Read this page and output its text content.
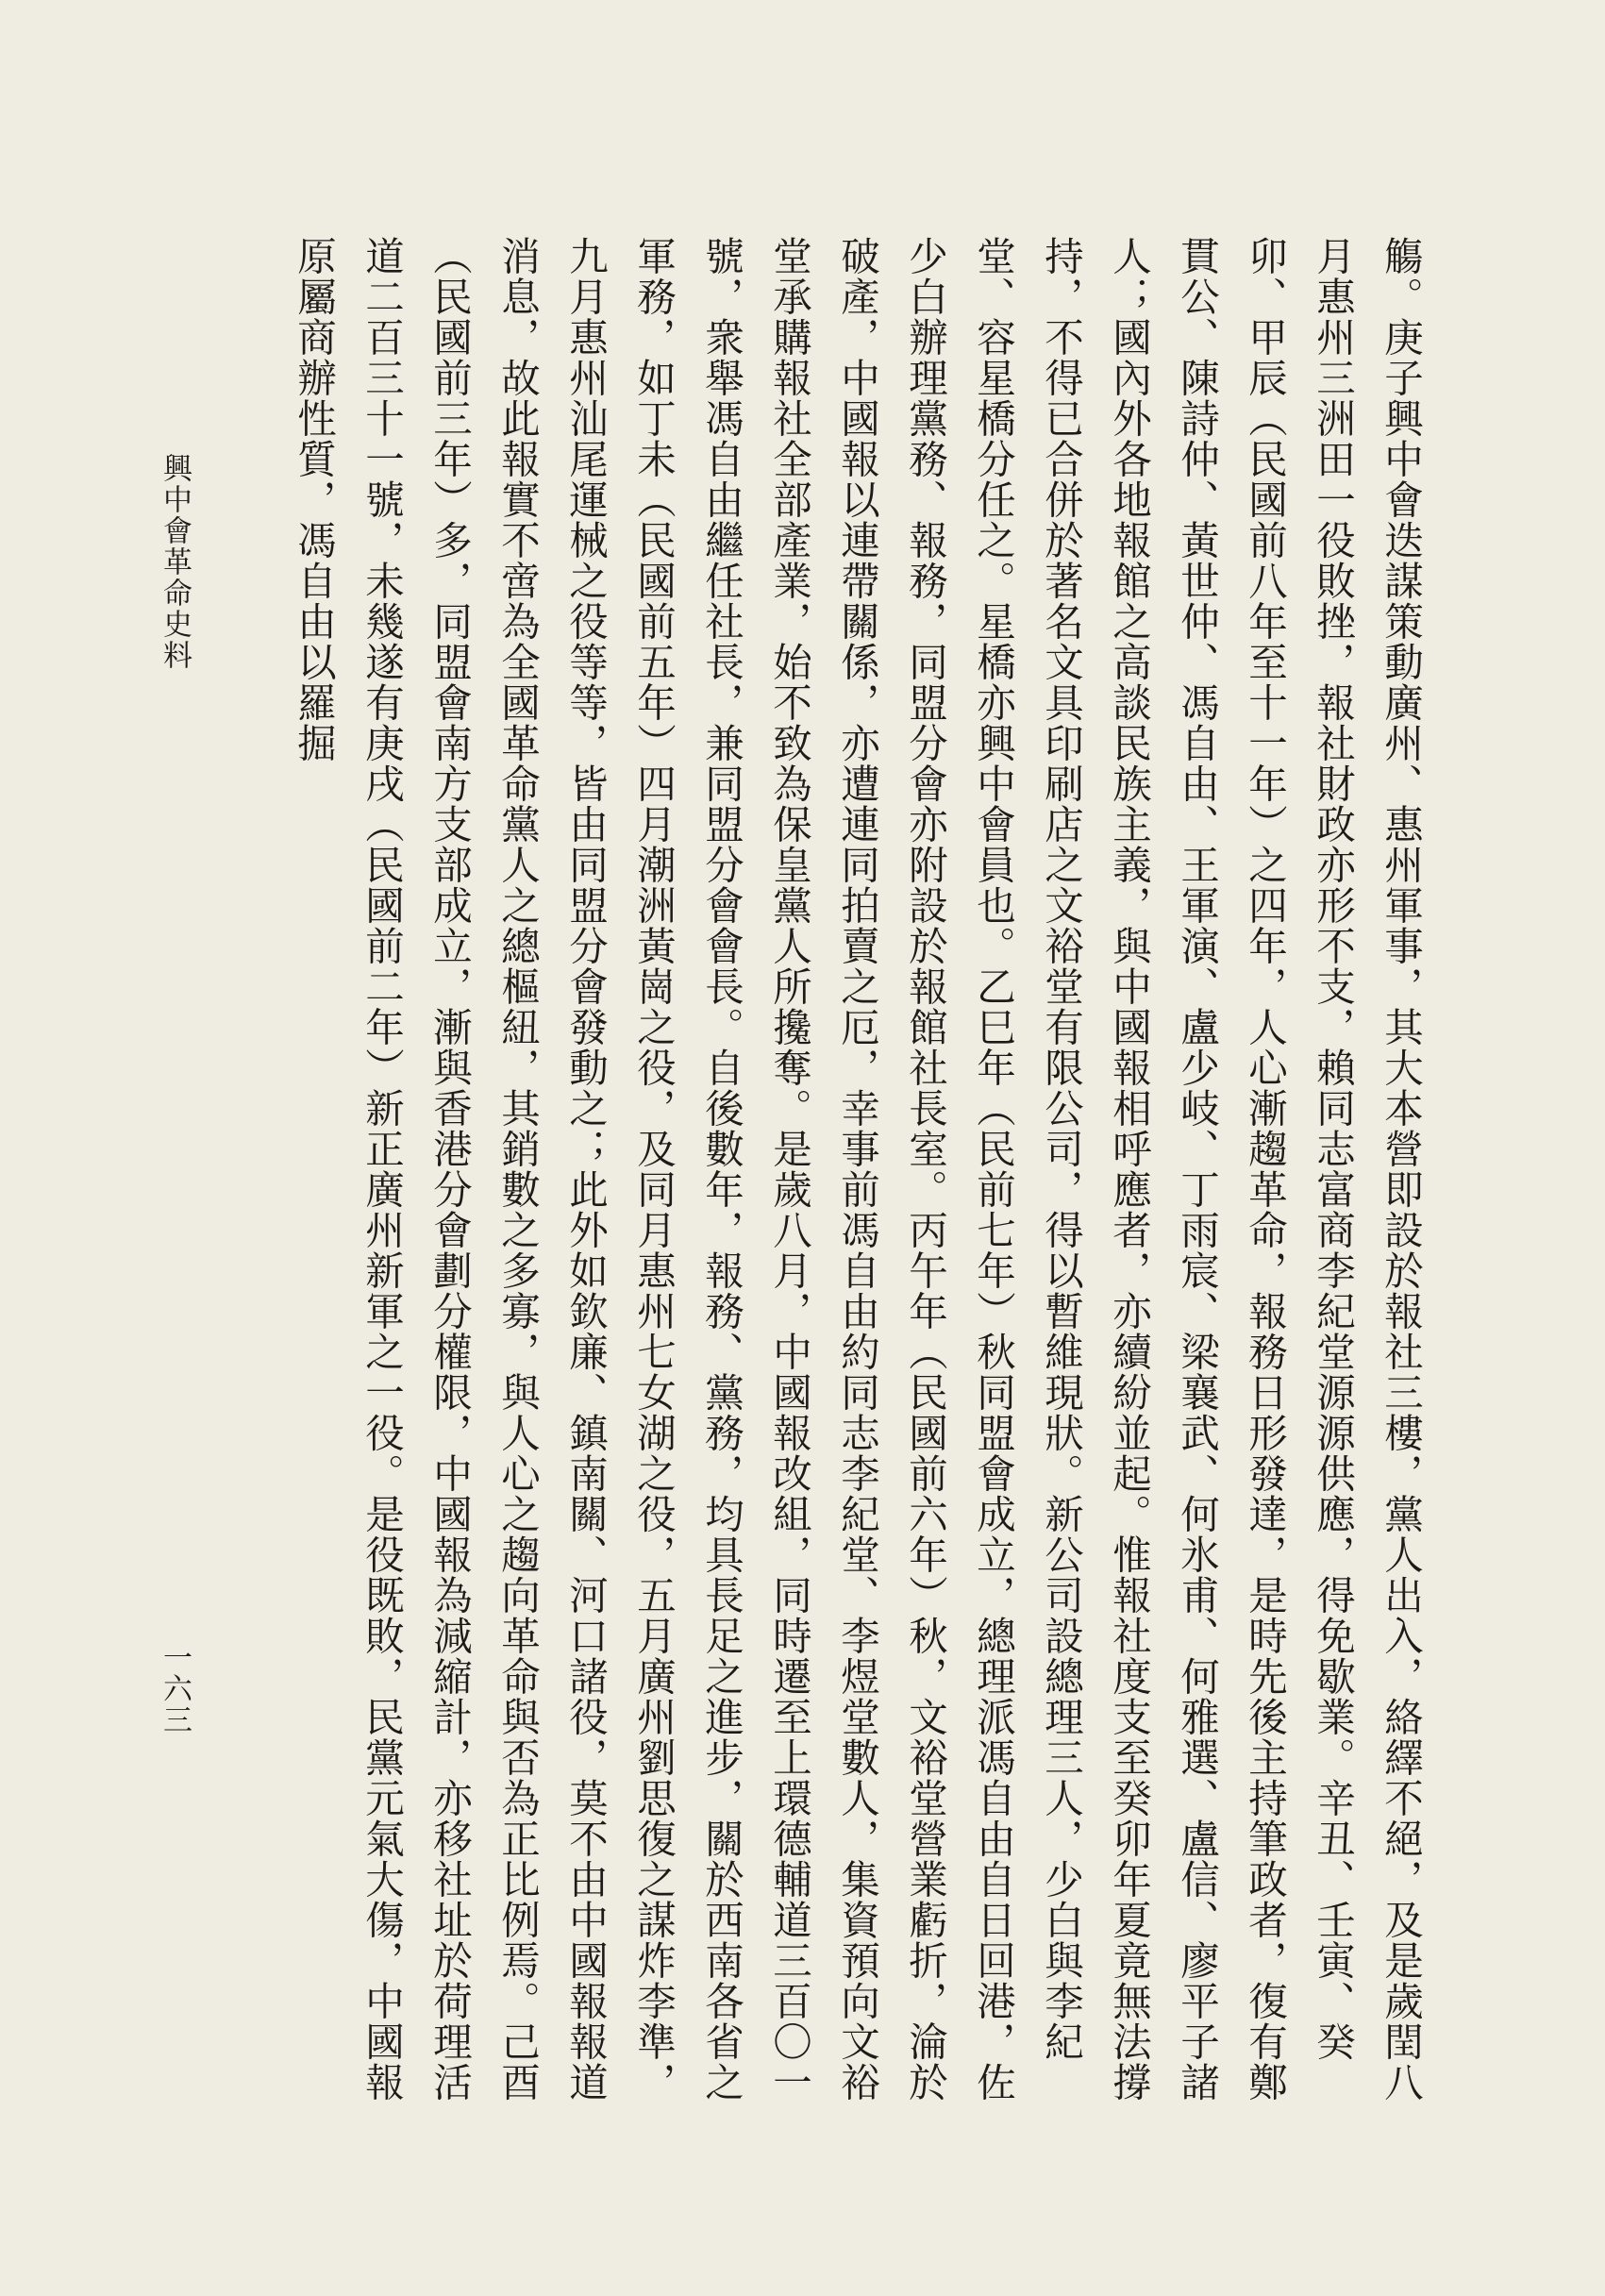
觴。庚子興中會迭謀策動廣州、惠州軍事，其大本營即設於報社三樓，黨人出入，絡繹不絕，及是歲閏八月惠州三洲田一役敗挫，報社財政亦形不支，賴同志富商李紀堂源源供應，得免歇業。辛丑、壬寅、癸卯、甲辰（民國前八年至十一年）之四年，人心漸趨革命，報務日形發達，是時先後主持筆政者，復有鄭貫公、陳詩仲、黃世仲、馮自由、王軍演、盧少岐、丁雨宸、梁襄武、何氷甫、何雅選、盧信、廖平子諸人；國內外各地報館之高談民族主義，與中國報相呼應者，亦續紛並起。惟報社度支至癸卯年夏竟無法撐持，不得已合併於著名文具印刷店之文裕堂有限公司，得以暫維現狀。新公司設總理三人，少白與李紀堂、容星橋分任之。星橋亦興中會員也。乙巳年（民前七年）秋同盟會成立，總理派馮自由自日回港，佐少白辦理黨務、報務，同盟分會亦附設於報館社長室。丙午年（民國前六年）秋，文裕堂營業虧折，淪於破產，中國報以連帶關係，亦遭連同拍賣之厄，幸事前馮自由約同志李紀堂、李煜堂數人，集資預向文裕堂承購報社全部產業，始不致為保皇黨人所攙奪。是歲八月，中國報改組，同時遷至上環德輔道三百〇一號，衆舉馮自由繼任社長，兼同盟分會會長。自後數年，報務、黨務，均具長足之進步，關於西南各省之軍務，如丁未（民國前五年）四月潮洲黃崗之役，及同月惠州七女湖之役，五月廣州劉思復之謀炸李準，九月惠州汕尾運械之役等等，皆由同盟分會發動之；此外如欽廉、鎮南關、河口諸役，莫不由中國報報道消息，故此報實不啻為全國革命黨人之總樞紐，其銷數之多寡，與人心之趨向革命與否為正比例焉。己酉（民國前三年）多，同盟會南方支部成立，漸與香港分會劃分權限，中國報為減縮計，亦移社址於荷理活道二百三十一號，未幾遂有庚戌（民國前二年）新正廣州新軍之一役。是役既敗，民黨元氣大傷，中國報原屬商辦性質，馮自由以羅掘

興中會革命史料
一六三
